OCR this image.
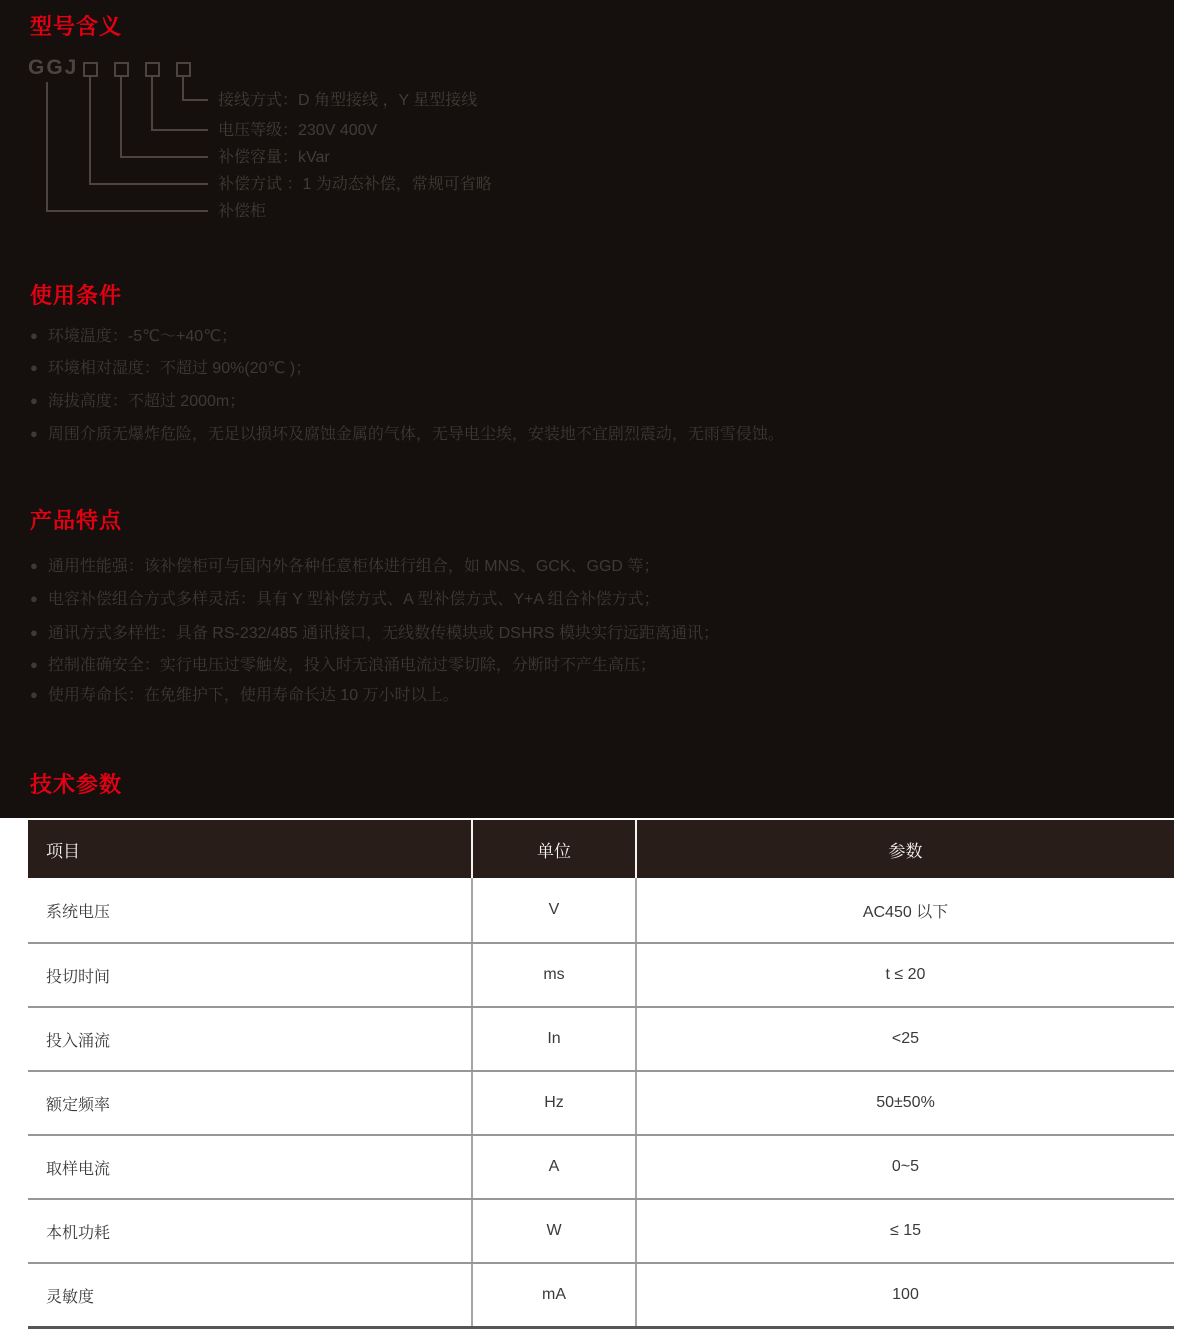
型号含义
GGJ
接线方式：D 角型接线 ，Y 星型接线
电压等级：230V 400V
补偿容量：kVar
补偿方试 ：1 为动态补偿，常规可省略
补偿柜
使用条件
● 环境温度：-5℃～+40℃；
● 环境相对湿度：不超过 90%(20℃ )；
● 海拔高度：不超过 2000m；
● 周围介质无爆炸危险，无足以损坏及腐蚀金属的气体，无导电尘埃，安装地不宜剧烈震动，无雨雪侵蚀。
产品特点
● 通用性能强：该补偿柜可与国内外各种任意柜体进行组合，如 MNS、GCK、GGD 等；
● 电容补偿组合方式多样灵活：具有 Y 型补偿方式、A 型补偿方式、Y+A 组合补偿方式；
● 通讯方式多样性：具备 RS-232/485 通讯接口，无线数传模块或 DSHRS 模块实行远距离通讯；
● 控制准确安全：实行电压过零触发，投入时无浪涌电流过零切除，分断时不产生高压；
● 使用寿命长：在免维护下，使用寿命长达 10 万小时以上。
技术参数
项目	单位	参数
系统电压	V	AC450 以下
投切时间	ms	t ≤ 20
投入涌流	In	<25
额定频率	Hz	50±50%
取样电流	A	0~5
本机功耗	W	≤ 15
灵敏度	mA	100
